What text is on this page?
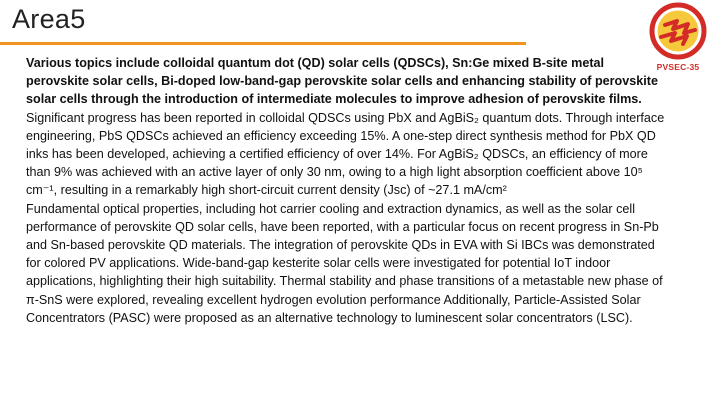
Area5
PVSEC-35

Various topics include colloidal quantum dot (QD) solar cells (QDSCs), Sn:Ge mixed B-site metal perovskite solar cells, Bi-doped low-band-gap perovskite solar cells and enhancing stability of perovskite solar cells through the introduction of intermediate molecules to improve adhesion of perovskite films.

Significant progress has been reported in colloidal QDSCs using PbX and AgBiS₂ quantum dots. Through interface engineering, PbS QDSCs achieved an efficiency exceeding 15%. A one-step direct synthesis method for PbX QD inks has been developed, achieving a certified efficiency of over 14%. For AgBiS₂ QDSCs, an efficiency of more than 9% was achieved with an active layer of only 30 nm, owing to a high light absorption coefficient above 10⁵ cm⁻¹, resulting in a remarkably high short-circuit current density (Jsc) of ~27.1 mA/cm²

Fundamental optical properties, including hot carrier cooling and extraction dynamics, as well as the solar cell performance of perovskite QD solar cells, have been reported, with a particular focus on recent progress in Sn-Pb and Sn-based perovskite QD materials. The integration of perovskite QDs in EVA with Si IBCs was demonstrated for colored PV applications. Wide-band-gap kesterite solar cells were investigated for potential IoT indoor applications, highlighting their high suitability. Thermal stability and phase transitions of a metastable new phase of π-SnS were explored, revealing excellent hydrogen evolution performance Additionally, Particle-Assisted Solar Concentrators (PASC) were proposed as an alternative technology to luminescent solar concentrators (LSC).
